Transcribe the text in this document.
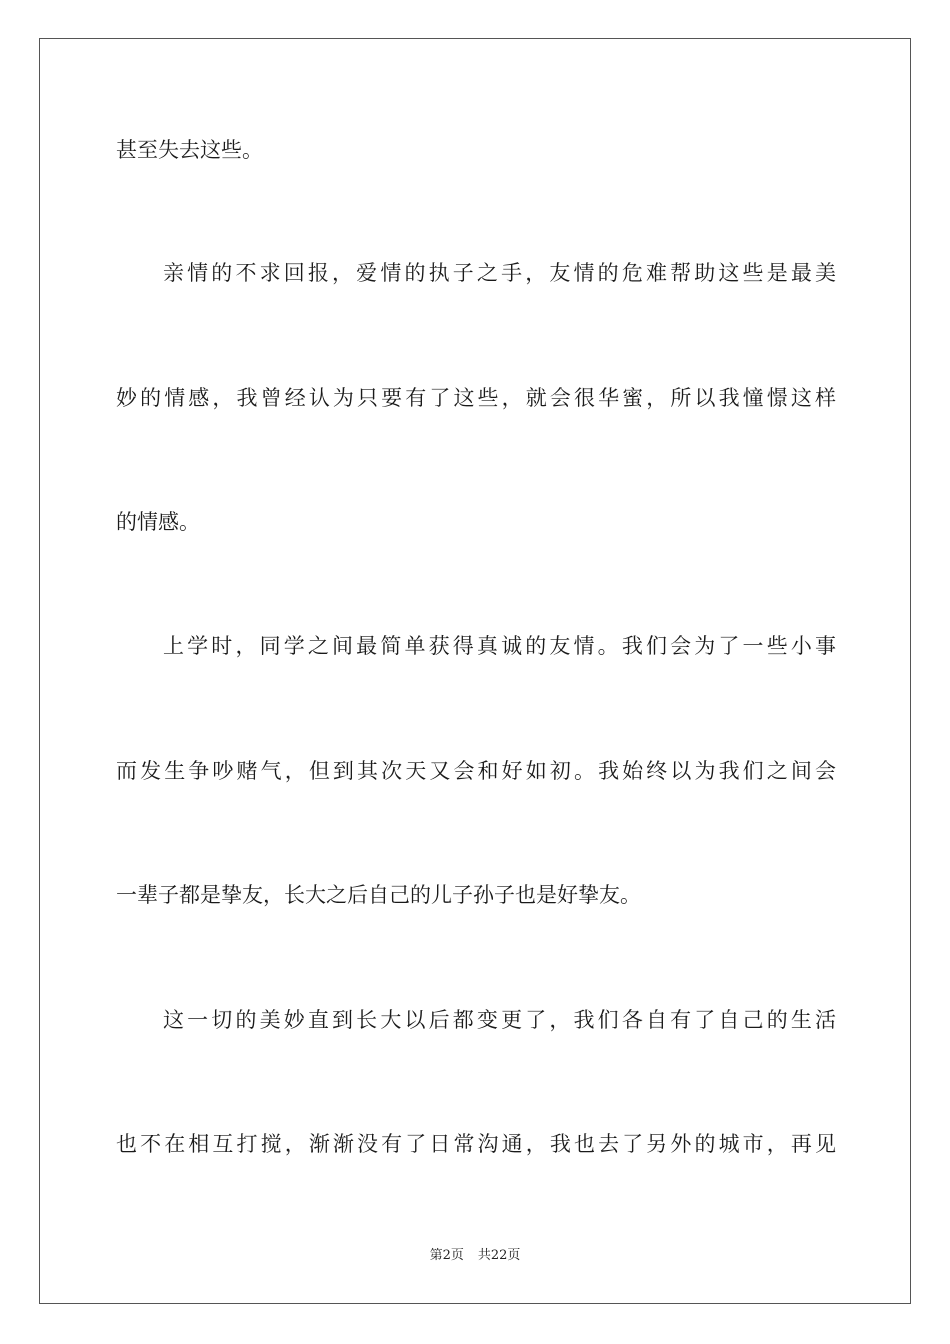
甚至失去这些。
亲情的不求回报，爱情的执子之手，友情的危难帮助这些是最美
妙的情感，我曾经认为只要有了这些，就会很华蜜，所以我憧憬这样
的情感。
上学时，同学之间最简单获得真诚的友情。我们会为了一些小事
而发生争吵赌气，但到其次天又会和好如初。我始终以为我们之间会
一辈子都是挚友，长大之后自己的儿子孙子也是好挚友。
这一切的美妙直到长大以后都变更了，我们各自有了自己的生活
也不在相互打搅，渐渐没有了日常沟通，我也去了另外的城市，再见
第2页 共22页
